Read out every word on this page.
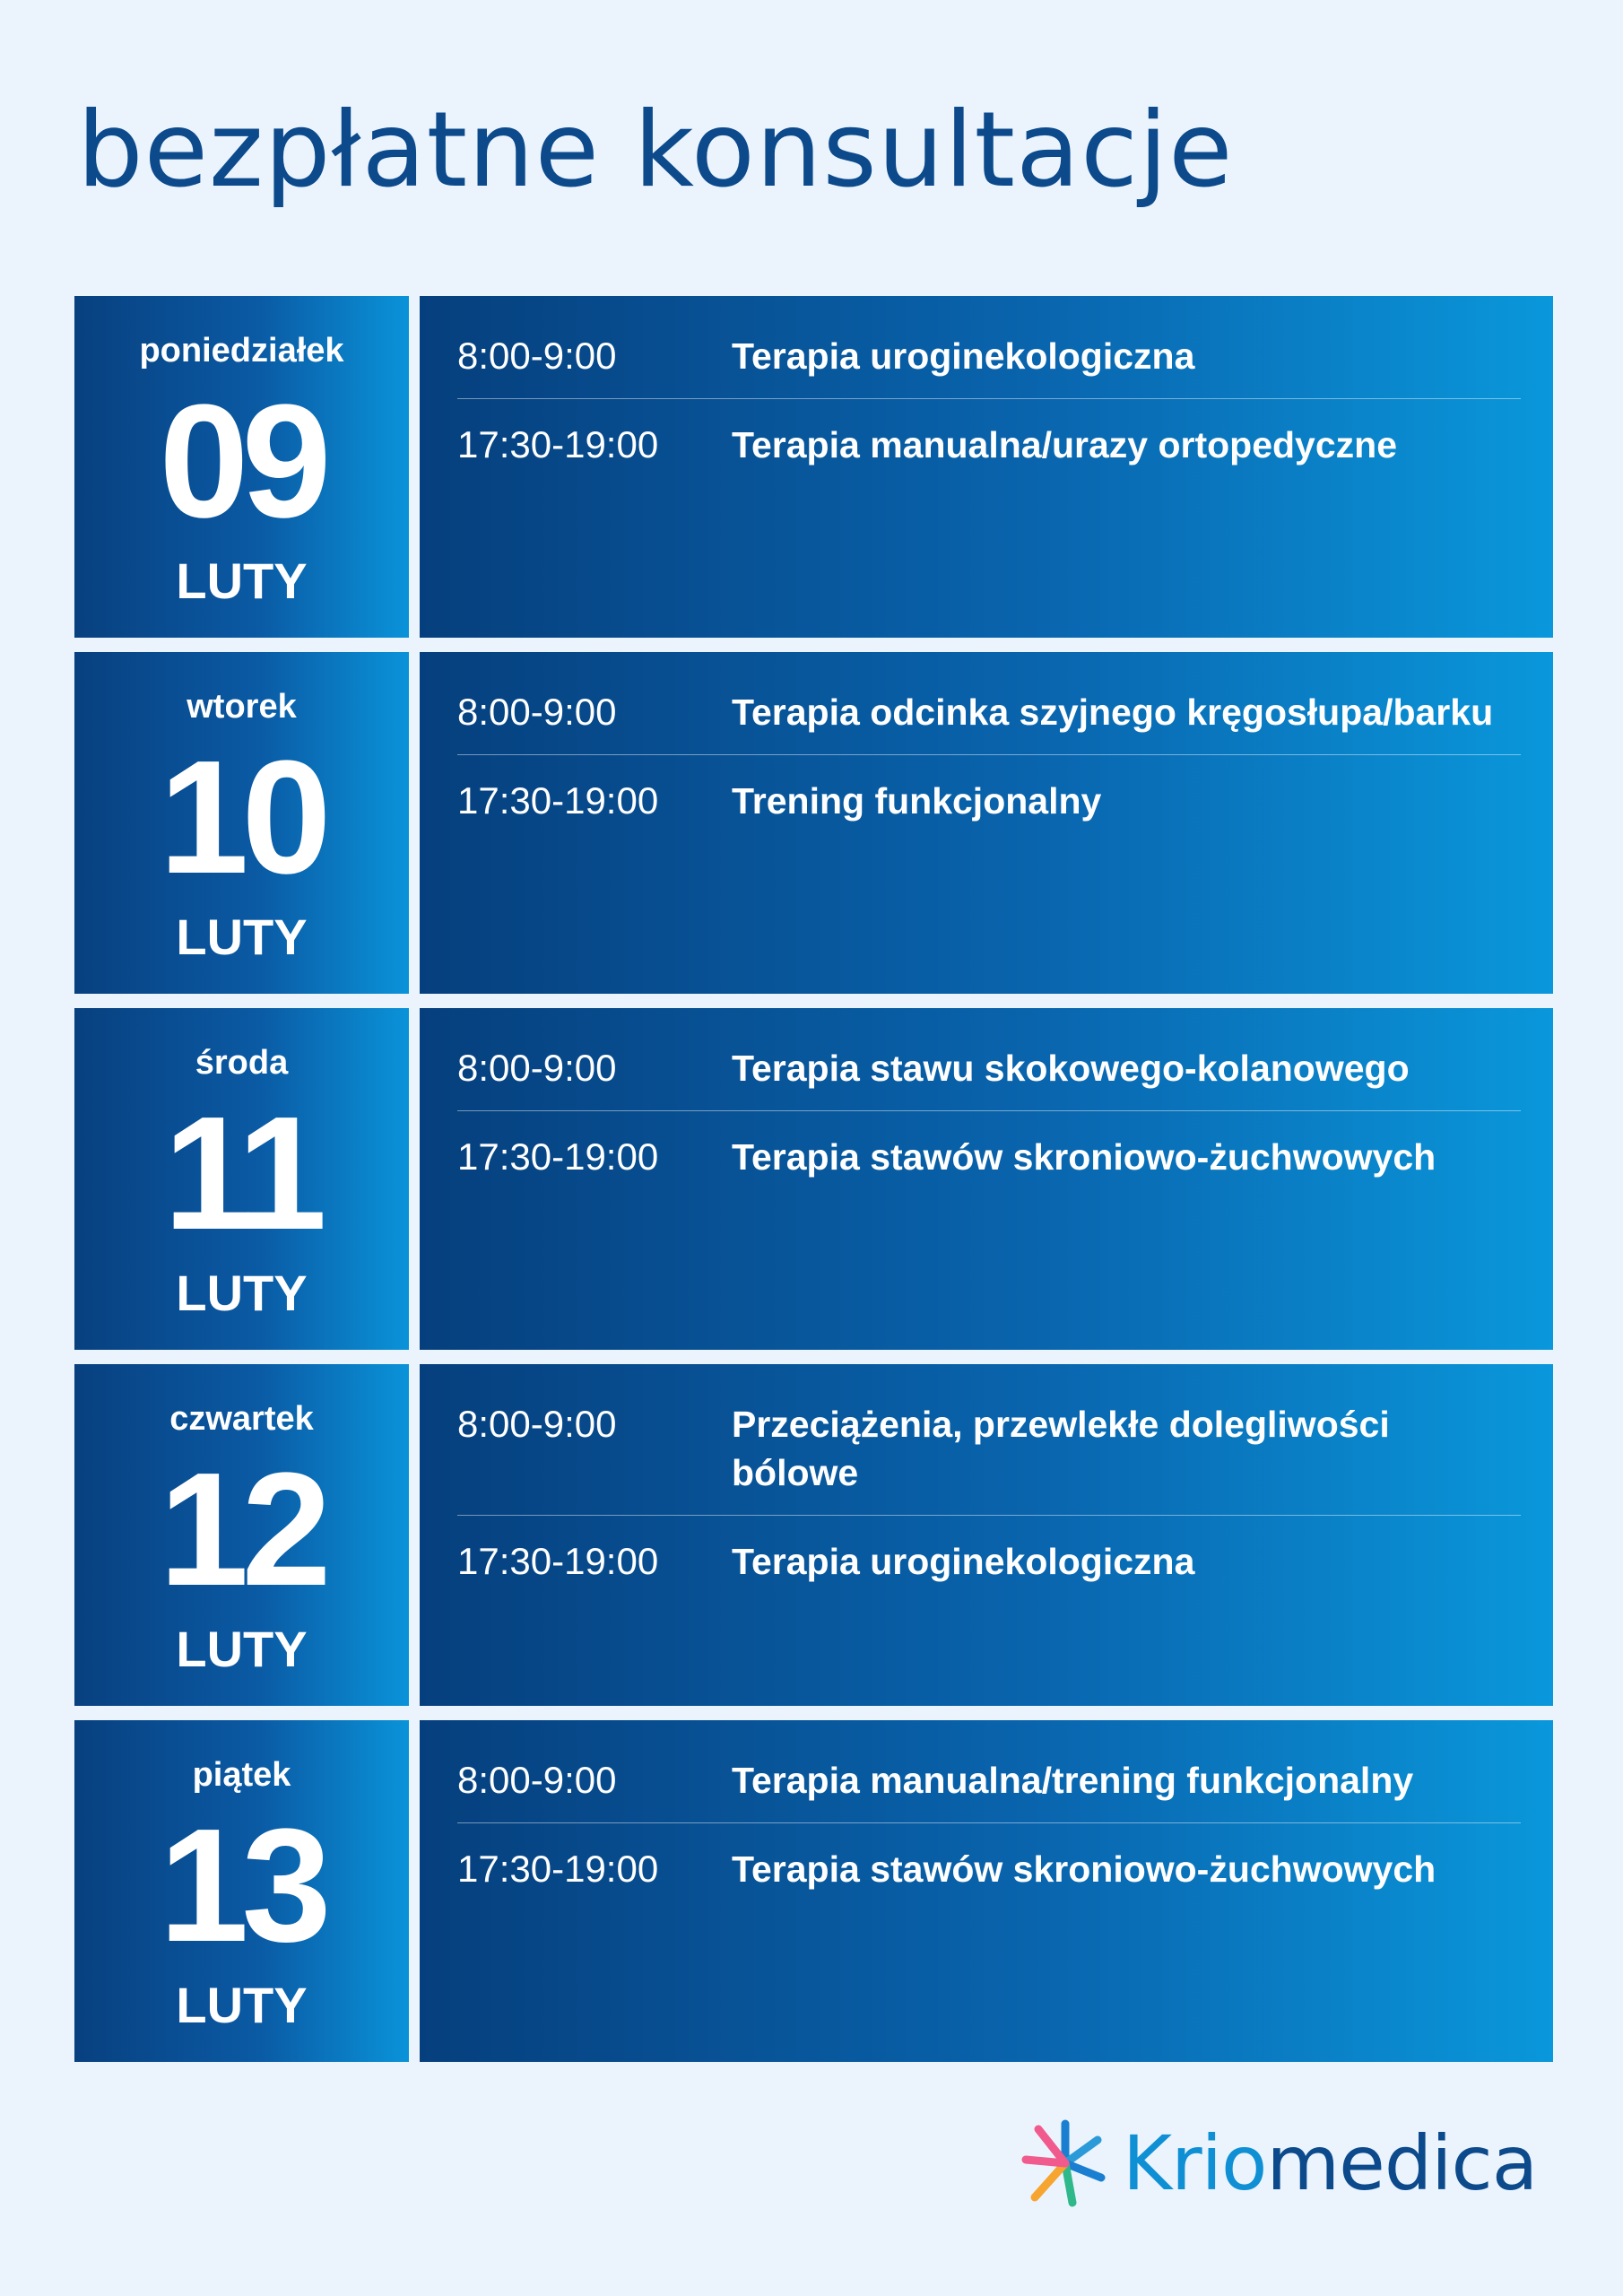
bezpłatne konsultacje
poniedziałek
09
LUTY
8:00-9:00	Terapia uroginekologiczna
17:30-19:00	Terapia manualna/urazy ortopedyczne
wtorek
10
LUTY
8:00-9:00	Terapia odcinka szyjnego kręgosłupa/barku
17:30-19:00	Trening funkcjonalny
środa
11
LUTY
8:00-9:00	Terapia stawu skokowego-kolanowego
17:30-19:00	Terapia stawów skroniowo-żuchwowych
czwartek
12
LUTY
8:00-9:00	Przeciążenia, przewlekłe dolegliwości bólowe
17:30-19:00	Terapia uroginekologiczna
piątek
13
LUTY
8:00-9:00	Terapia manualna/trening funkcjonalny
17:30-19:00	Terapia stawów skroniowo-żuchwowych
Kriomedica
